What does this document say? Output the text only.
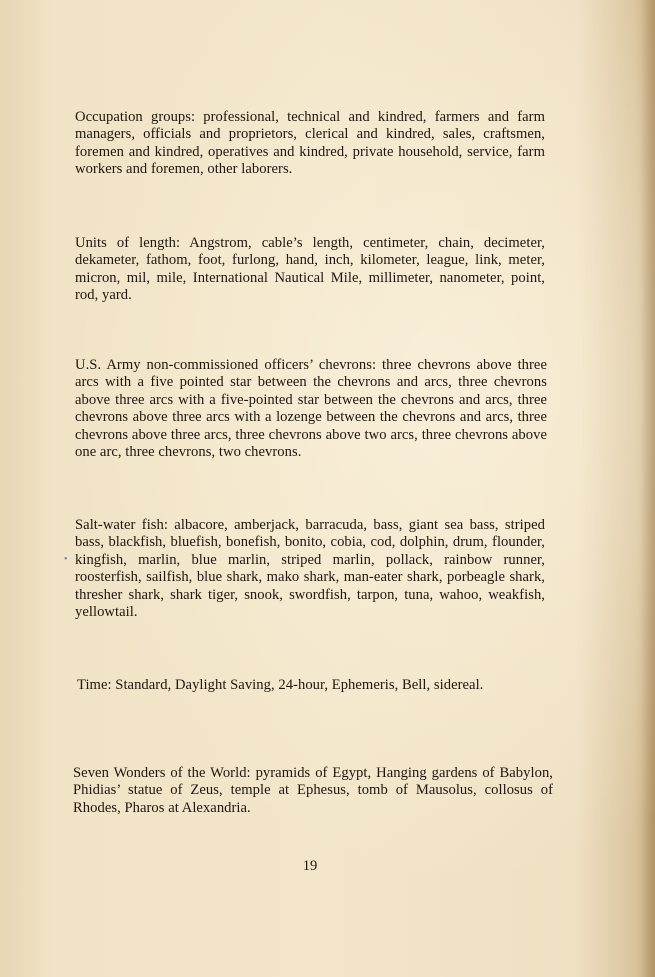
Occupation groups: professional, technical and kindred, farmers and farm managers, officials and proprietors, clerical and kindred, sales, craftsmen, foremen and kindred, operatives and kindred, private household, service, farm workers and foremen, other laborers.

Units of length: Angstrom, cable’s length, centimeter, chain, decimeter, dekameter, fathom, foot, furlong, hand, inch, kilometer, league, link, meter, micron, mil, mile, International Nautical Mile, millimeter, nanometer, point, rod, yard.

U.S. Army non-commissioned officers’ chevrons: three chevrons above three arcs with a five pointed star between the chevrons and arcs, three chevrons above three arcs with a five-pointed star between the chevrons and arcs, three chevrons above three arcs with a lozenge between the chevrons and arcs, three chevrons above three arcs, three chevrons above two arcs, three chevrons above one arc, three chevrons, two chevrons.

•

Salt-water fish: albacore, amberjack, barracuda, bass, giant sea bass, striped bass, blackfish, bluefish, bonefish, bonito, cobia, cod, dolphin, drum, flounder, kingfish, marlin, blue marlin, striped marlin, pollack, rainbow runner, roosterfish, sailfish, blue shark, mako shark, man-eater shark, porbeagle shark, thresher shark, shark tiger, snook, swordfish, tarpon, tuna, wahoo, weakfish, yellowtail.

Time: Standard, Daylight Saving, 24-hour, Ephemeris, Bell, sidereal.

Seven Wonders of the World: pyramids of Egypt, Hanging gardens of Babylon, Phidias’ statue of Zeus, temple at Ephesus, tomb of Mausolus, collosus of Rhodes, Pharos at Alexandria.

19
